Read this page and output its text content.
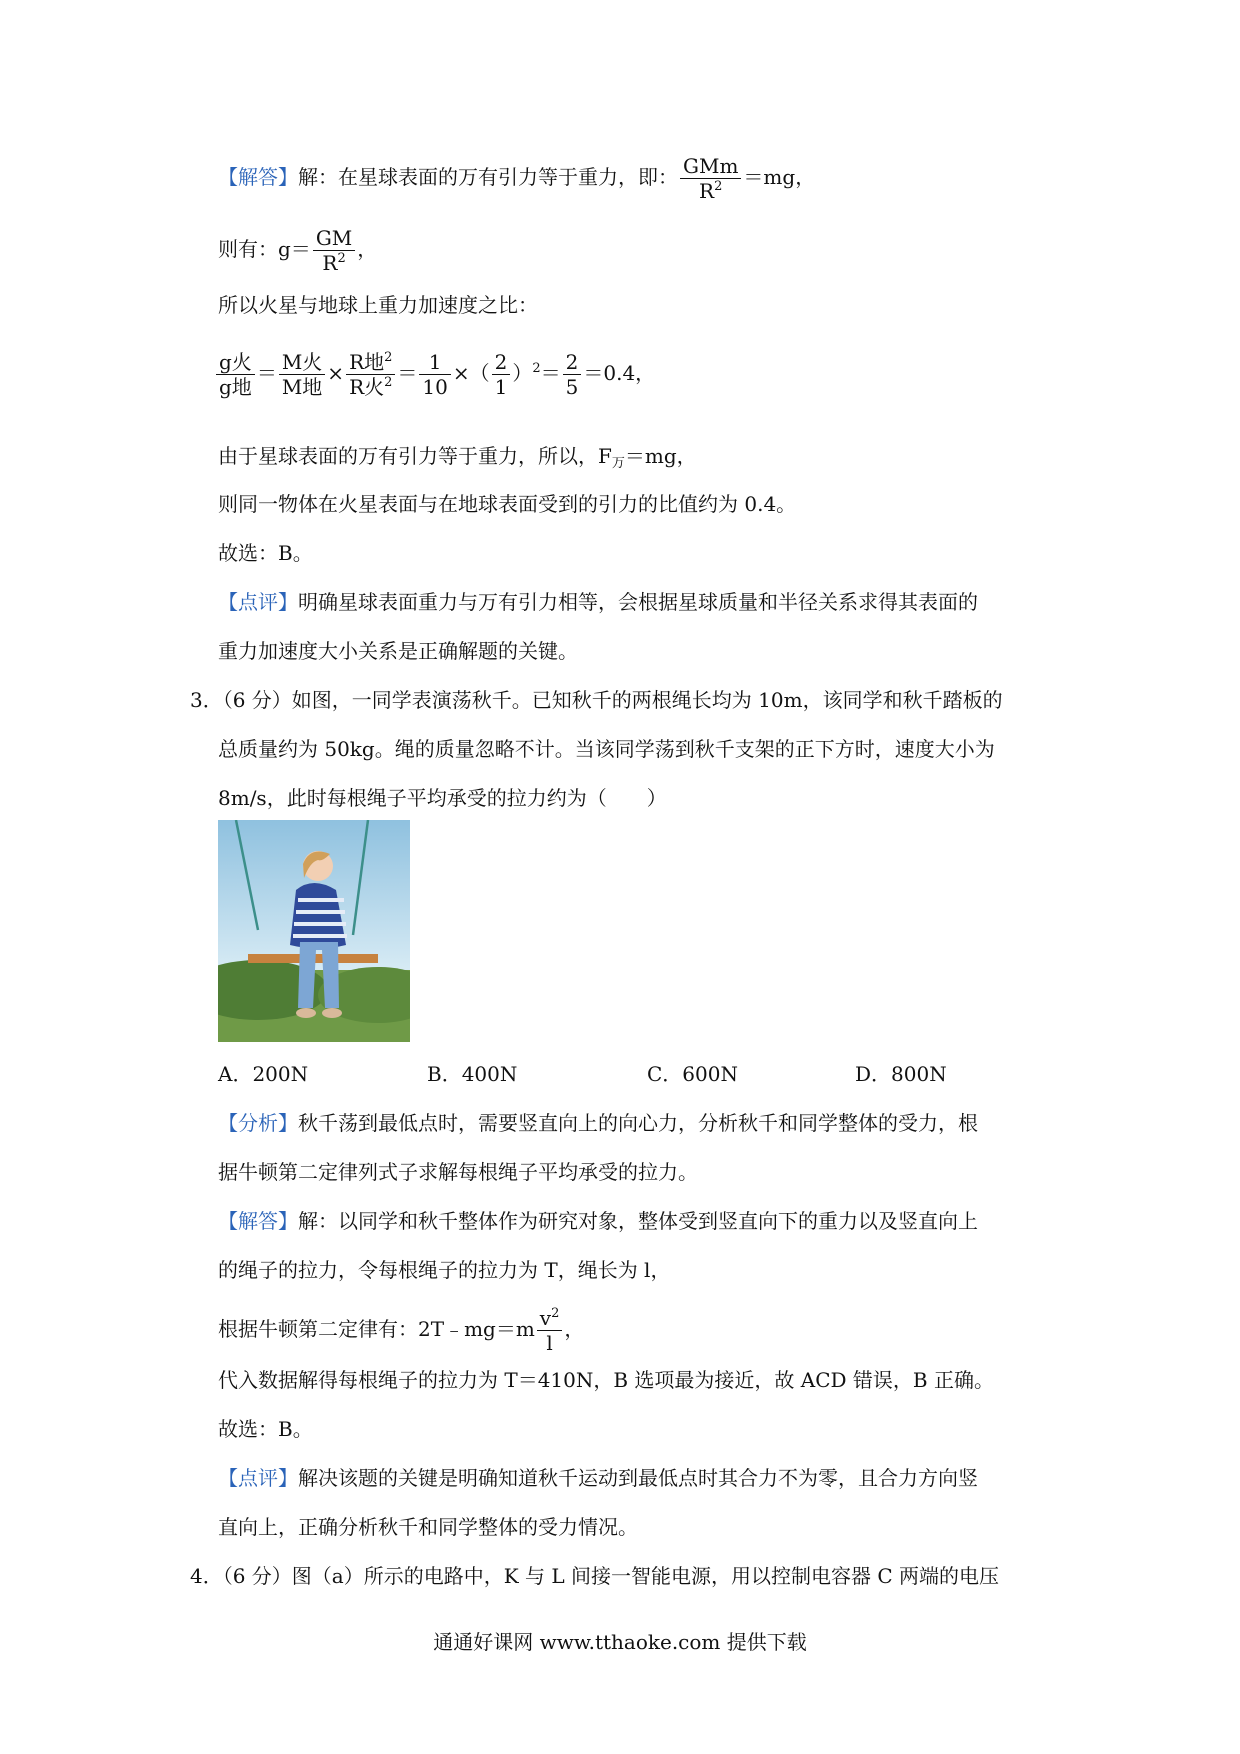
【解答】解：在星球表面的万有引力等于重力，即： $\frac{\text{GMm}}{R^2} =mg$，
则有：$g= \frac{GM}{R^2}$ ，
所以火星与地球上重力加速度之比：
$\frac{\text{g火}}{\text{g地}} = \frac{\text{M火}}{\text{M地}} \times \frac{R地^2}{R火^2} = \frac{1}{10}$ ×（ $\frac{2}{1} )^2= \frac{2}{5} =0.4$，
由于星球表面的万有引力等于重力，所以，$F_万=mg$，
则同一物体在火星表面与在地球表面受到的引力的比值约为 0.4。
故选：B。
【点评】明确星球表面重力与万有引力相等，会根据星球质量和半径关系求得其表面的
重力加速度大小关系是正确解题的关键。
3．（6 分）如图，一同学表演荡秋千。已知秋千的两根绳长均为 10m，该同学和秋千踏板的
总质量约为 50kg。绳的质量忽略不计。当该同学荡到秋千支架的正下方时，速度大小为
8m/s，此时每根绳子平均承受的拉力约为（　　）
A．200N	B．400N	C．600N	D．800N
【分析】秋千荡到最低点时，需要竖直向上的向心力，分析秋千和同学整体的受力，根
据牛顿第二定律列式子求解每根绳子平均承受的拉力。
【解答】解：以同学和秋千整体作为研究对象，整体受到竖直向下的重力以及竖直向上
的绳子的拉力，令每根绳子的拉力为 T，绳长为 l，
根据牛顿第二定律有：2T﹣mg＝m $\frac{v^2}{l}$ ，
代入数据解得每根绳子的拉力为 T＝410N，B 选项最为接近，故 ACD 错误，B 正确。
故选：B。
【点评】解决该题的关键是明确知道秋千运动到最低点时其合力不为零，且合力方向竖
直向上，正确分析秋千和同学整体的受力情况。
4．（6 分）图（a）所示的电路中，K 与 L 间接一智能电源，用以控制电容器 C 两端的电压
通通好课网 www.tthaoke.com 提供下载
